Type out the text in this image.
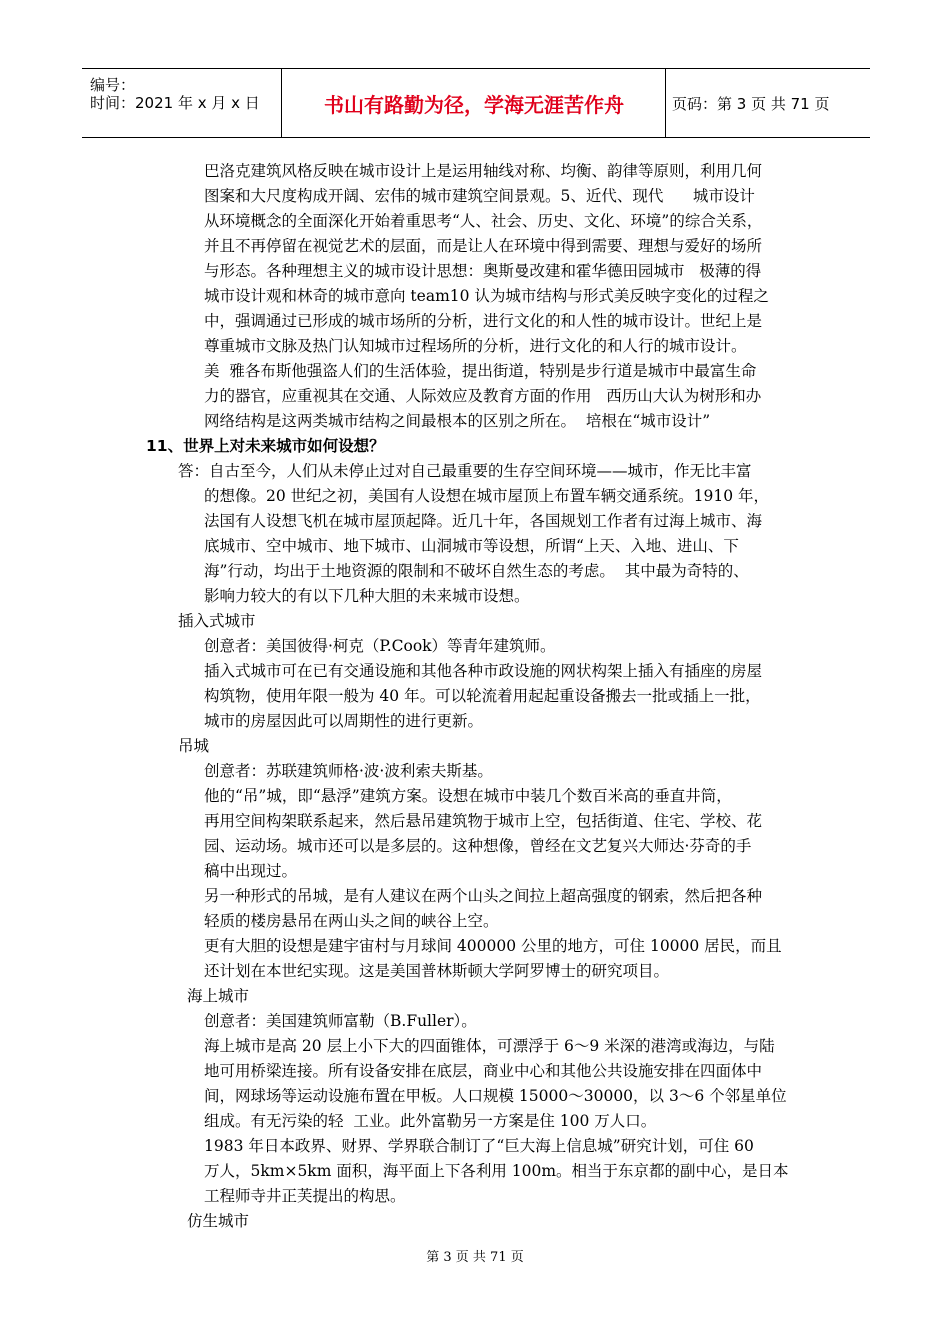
编号：
时间：2021 年 x 月 x 日	书山有路勤为径，学海无涯苦作舟	页码：第 3 页 共 71 页
巴洛克建筑风格反映在城市设计上是运用轴线对称、均衡、韵律等原则，利用几何
图案和大尺度构成开阔、宏伟的城市建筑空间景观。5、近代、现代      城市设计
从环境概念的全面深化开始着重思考“人、社会、历史、文化、环境”的综合关系，
并且不再停留在视觉艺术的层面，而是让人在环境中得到需要、理想与爱好的场所
与形态。各种理想主义的城市设计思想：奥斯曼改建和霍华德田园城市   极薄的得
城市设计观和林奇的城市意向 team10 认为城市结构与形式美反映字变化的过程之
中，强调通过已形成的城市场所的分析，进行文化的和人性的城市设计。世纪上是
尊重城市文脉及热门认知城市过程场所的分析，进行文化的和人行的城市设计。
美  雅各布斯他强盗人们的生活体验，提出街道，特别是步行道是城市中最富生命
力的器官，应重视其在交通、人际效应及教育方面的作用   西历山大认为树形和办
网络结构是这两类城市结构之间最根本的区别之所在。  培根在“城市设计”
11、世界上对未来城市如何设想？
答：自古至今，人们从未停止过对自己最重要的生存空间环境——城市，作无比丰富
的想像。20 世纪之初，美国有人设想在城市屋顶上布置车辆交通系统。1910 年，
法国有人设想飞机在城市屋顶起降。近几十年，各国规划工作者有过海上城市、海
底城市、空中城市、地下城市、山洞城市等设想，所谓“上天、入地、进山、下
海”行动，均出于土地资源的限制和不破坏自然生态的考虑。  其中最为奇特的、
影响力较大的有以下几种大胆的未来城市设想。
插入式城市
创意者：美国彼得·柯克（P.Cook）等青年建筑师。
插入式城市可在已有交通设施和其他各种市政设施的网状构架上插入有插座的房屋
构筑物，使用年限一般为 40 年。可以轮流着用起起重设备搬去一批或插上一批，
城市的房屋因此可以周期性的进行更新。
吊城
创意者：苏联建筑师格·波·波利索夫斯基。
他的“吊”城，即“悬浮”建筑方案。设想在城市中装几个数百米高的垂直井筒，
再用空间构架联系起来，然后悬吊建筑物于城市上空，包括街道、住宅、学校、花
园、运动场。城市还可以是多层的。这种想像，曾经在文艺复兴大师达·芬奇的手
稿中出现过。
另一种形式的吊城，是有人建议在两个山头之间拉上超高强度的钢索，然后把各种
轻质的楼房悬吊在两山头之间的峡谷上空。
更有大胆的设想是建宇宙村与月球间 400000 公里的地方，可住 10000 居民，而且
还计划在本世纪实现。这是美国普林斯顿大学阿罗博士的研究项目。
海上城市
创意者：美国建筑师富勒（B.Fuller）。
海上城市是高 20 层上小下大的四面锥体，可漂浮于 6～9 米深的港湾或海边，与陆
地可用桥梁连接。所有设备安排在底层，商业中心和其他公共设施安排在四面体中
间，网球场等运动设施布置在甲板。人口规模 15000～30000，以 3～6 个邻星单位
组成。有无污染的轻  工业。此外富勒另一方案是住 100 万人口。
1983 年日本政界、财界、学界联合制订了“巨大海上信息城”研究计划，可住 60
万人，5km×5km 面积，海平面上下各利用 100m。相当于东京都的副中心，是日本
工程师寺井正芙提出的构思。
仿生城市
第 3 页 共 71 页
